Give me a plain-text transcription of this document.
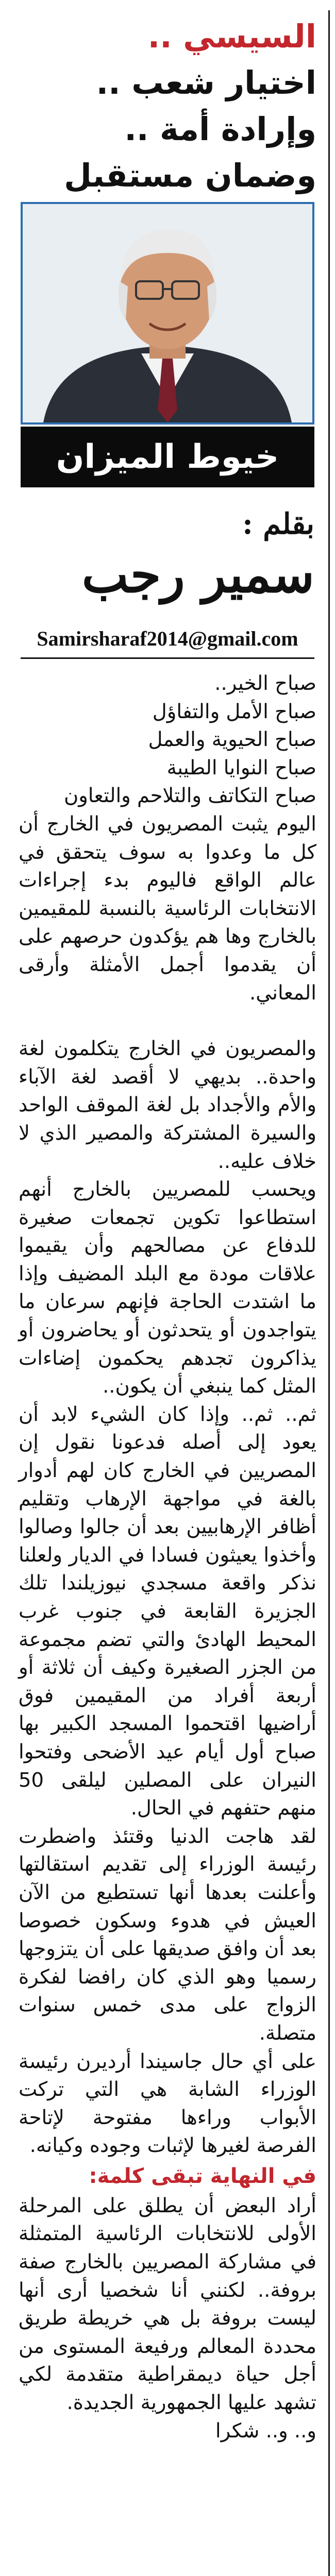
السيسي ..
اختيار شعب .. وإرادة أمة ..
وضمان مستقبل
خيوط الميزان
بقلم :
سمير رجب
Samirsharaf2014@gmail.com

صباح الخير..

صباح الأمل والتفاؤل

صباح الحيوية والعمل

صباح النوايا الطيبة

صباح التكاتف والتلاحم والتعاون

اليوم يثبت المصريون في الخارج أن كل ما وعدوا به سوف يتحقق في عالم الواقع فاليوم بدء إجراءات الانتخابات الرئاسية بالنسبة للمقيمين بالخارج وها هم يؤكدون حرصهم على أن يقدموا أجمل الأمثلة وأرقى المعاني.

والمصريون في الخارج يتكلمون لغة واحدة.. بديهي لا أقصد لغة الآباء والأم والأجداد بل لغة الموقف الواحد والسيرة المشتركة والمصير الذي لا خلاف عليه..

ويحسب للمصريين بالخارج أنهم استطاعوا تكوين تجمعات صغيرة للدفاع عن مصالحهم وأن يقيموا علاقات مودة مع البلد المضيف وإذا ما اشتدت الحاجة فإنهم سرعان ما يتواجدون أو يتحدثون أو يحاضرون أو يذاكرون تجدهم يحكمون إضاءات المثل كما ينبغي أن يكون..

ثم.. ثم.. وإذا كان الشيء لابد أن يعود إلى أصله فدعونا نقول إن المصريين في الخارج كان لهم أدوار بالغة في مواجهة الإرهاب وتقليم أظافر الإرهابيين بعد أن جالوا وصالوا وأخذوا يعيثون فسادا في الديار ولعلنا نذكر واقعة مسجدي نيوزيلندا تلك الجزيرة القابعة في جنوب غرب المحيط الهادئ والتي تضم مجموعة من الجزر الصغيرة وكيف أن ثلاثة أو أربعة أفراد من المقيمين فوق أراضيها اقتحموا المسجد الكبير بها صباح أول أيام عيد الأضحى وفتحوا النيران على المصلين ليلقى 50 منهم حتفهم في الحال.

لقد هاجت الدنيا وقتئذ واضطرت رئيسة الوزراء إلى تقديم استقالتها وأعلنت بعدها أنها تستطيع من الآن العيش في هدوء وسكون خصوصا بعد أن وافق صديقها على أن يتزوجها رسميا وهو الذي كان رافضا لفكرة الزواج على مدى خمس سنوات متصلة.

على أي حال جاسيندا أرديرن رئيسة الوزراء الشابة هي التي تركت الأبواب وراءها مفتوحة لإتاحة الفرصة لغيرها لإثبات وجوده وكيانه.

في النهاية تبقى كلمة:

أراد البعض أن يطلق على المرحلة الأولى للانتخابات الرئاسية المتمثلة في مشاركة المصريين بالخارج صفة بروفة.. لكنني أنا شخصيا أرى أنها ليست بروفة بل هي خريطة طريق محددة المعالم ورفيعة المستوى من أجل حياة ديمقراطية متقدمة لكي تشهد عليها الجمهورية الجديدة.

و.. و.. شكرا
